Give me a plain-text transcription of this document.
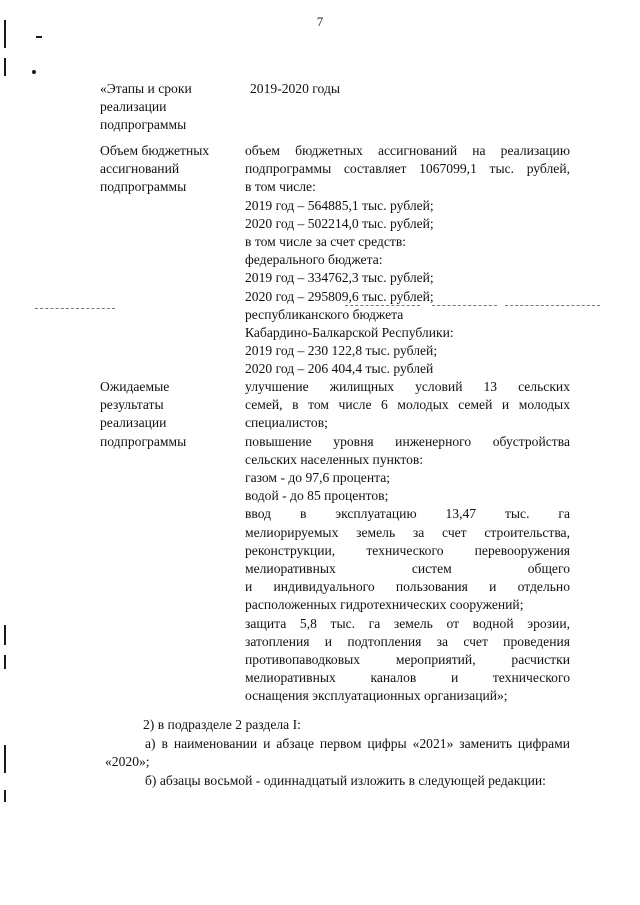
7
«Этапы и сроки
реализации
подпрограммы
2019-2020 годы
Объем бюджетных
ассигнований
подпрограммы
объем бюджетных ассигнований на реализацию
подпрограммы составляет 1067099,1 тыс. рублей,
в том числе:
2019 год – 564885,1 тыс. рублей;
2020 год – 502214,0 тыс. рублей;
в том числе за счет средств:
федерального бюджета:
2019 год – 334762,3 тыс. рублей;
2020 год – 295809,6 тыс. рублей;
республиканского бюджета
Кабардино-Балкарской Республики:
2019 год – 230 122,8 тыс. рублей;
2020 год – 206 404,4 тыс. рублей
Ожидаемые
результаты
реализации
подпрограммы
улучшение жилищных условий 13 сельских
семей, в том числе 6 молодых семей и молодых
специалистов;
повышение уровня инженерного обустройства
сельских населенных пунктов:
газом - до 97,6 процента;
водой - до 85 процентов;
ввод в эксплуатацию 13,47 тыс. га
мелиорируемых земель за счет строительства,
реконструкции, технического перевооружения
мелиоративных систем общего
и индивидуального пользования и отдельно
расположенных гидротехнических сооружений;
защита 5,8 тыс. га земель от водной эрозии,
затопления и подтопления за счет проведения
противопаводковых мероприятий, расчистки
мелиоративных каналов и технического
оснащения эксплуатационных организаций»;
2) в подразделе 2 раздела I:
а) в наименовании и абзаце первом цифры «2021» заменить цифрами «2020»;
б) абзацы восьмой - одиннадцатый изложить в следующей редакции:
